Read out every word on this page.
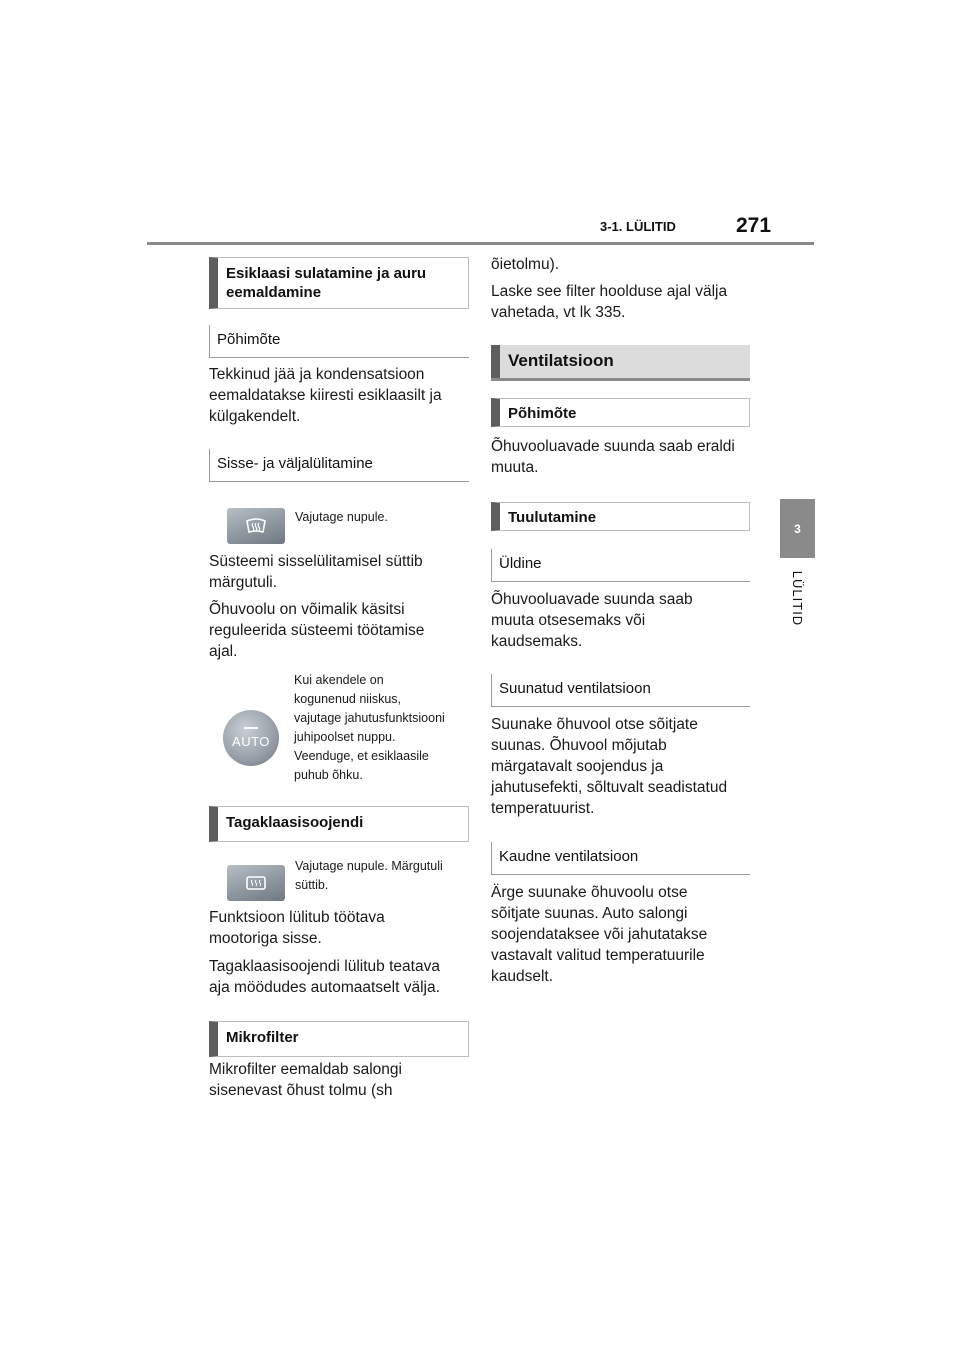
3-1. LÜLITID	271
3
LÜLITID
Esiklaasi sulatamine ja auru eemaldamine
Põhimõte

Tekkinud jää ja kondensatsioon
eemaldatakse kiiresti esiklaasilt ja
külgakendelt.

Sisse- ja väljalülitamine
Vajutage nupule.

Süsteemi sisselülitamisel süttib
märgutuli.

Õhuvoolu on võimalik käsitsi
reguleerida süsteemi töötamise
ajal.

AUTO
Kui akendele on
kogunenud niiskus,
vajutage jahutusfunktsiooni
juhipoolset nuppu.
Veenduge, et esiklaasile
puhub õhku.
Tagaklaasisoojendi
Vajutage nupule. Märgutuli
süttib.

Funktsioon lülitub töötava
mootoriga sisse.

Tagaklaasisoojendi lülitub teatava
aja möödudes automaatselt välja.

Mikrofilter

Mikrofilter eemaldab salongi
sisenevast õhust tolmu (sh

õietolmu).

Laske see filter hoolduse ajal välja
vahetada, vt lk 335.

Ventilatsioon
Põhimõte

Õhuvooluavade suunda saab eraldi
muuta.

Tuulutamine
Üldine

Õhuvooluavade suunda saab
muuta otsesemaks või
kaudsemaks.

Suunatud ventilatsioon

Suunake õhuvool otse sõitjate
suunas. Õhuvool mõjutab
märgatavalt soojendus ja
jahutusefekti, sõltuvalt seadistatud
temperatuurist.

Kaudne ventilatsioon

Ärge suunake õhuvoolu otse
sõitjate suunas. Auto salongi
soojendataksee või jahutatakse
vastavalt valitud temperatuurile
kaudselt.
